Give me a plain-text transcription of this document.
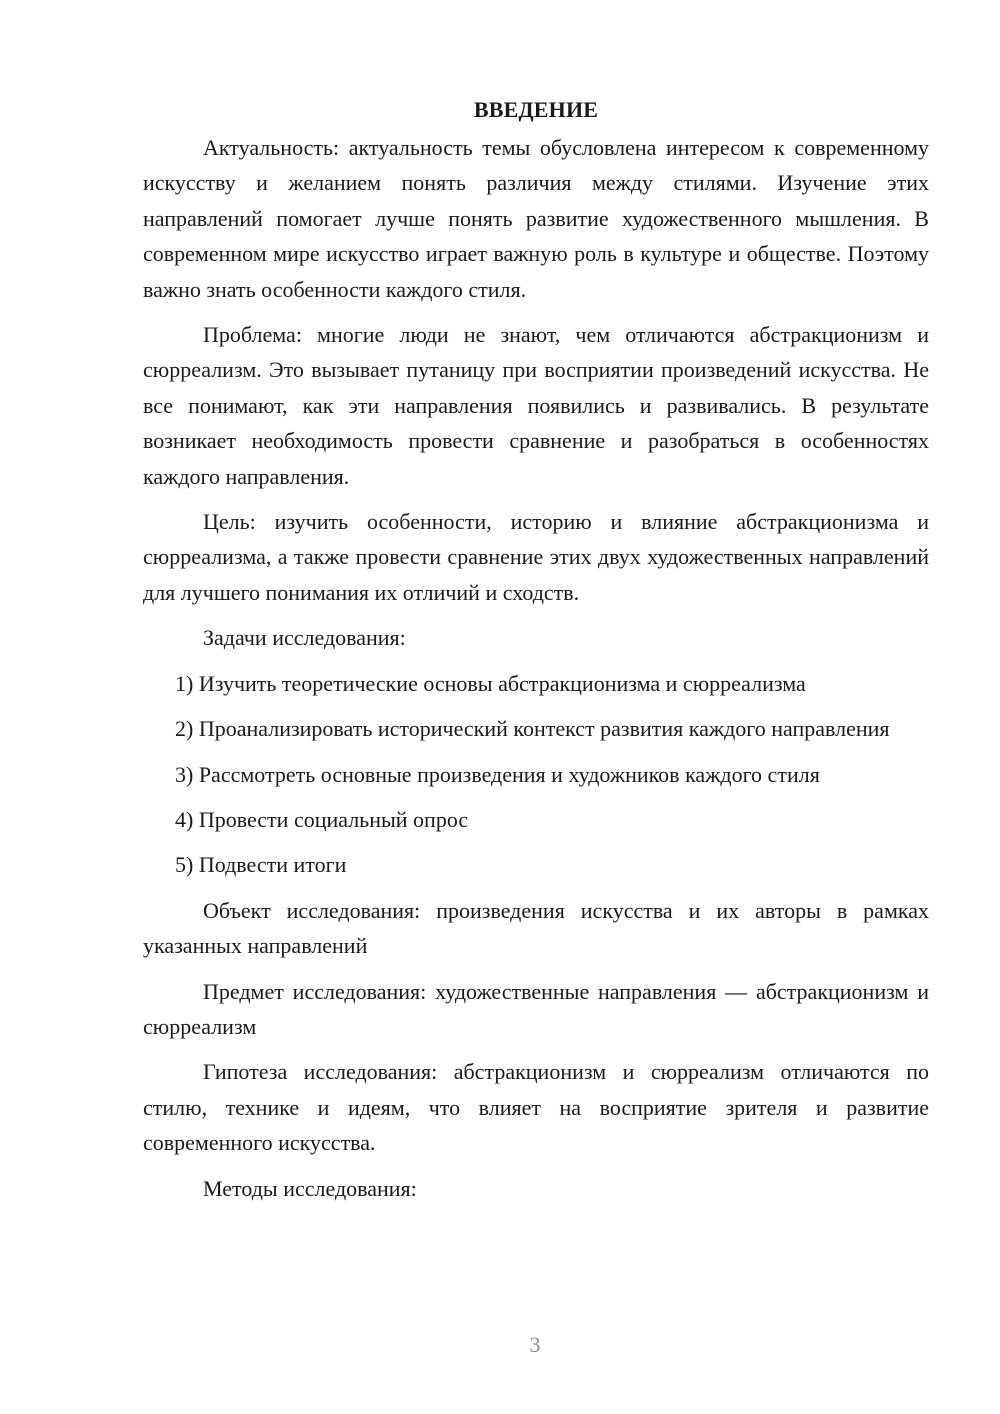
ВВЕДЕНИЕ

Актуальность: актуальность темы обусловлена интересом к современному искусству и желанием понять различия между стилями. Изучение этих направлений помогает лучше понять развитие художественного мышления. В современном мире искусство играет важную роль в культуре и обществе. Поэтому важно знать особенности каждого стиля.

Проблема: многие люди не знают, чем отличаются абстракционизм и сюрреализм. Это вызывает путаницу при восприятии произведений искусства. Не все понимают, как эти направления появились и развивались. В результате возникает необходимость провести сравнение и разобраться в особенностях каждого направления.

Цель: изучить особенности, историю и влияние абстракционизма и сюрреализма, а также провести сравнение этих двух художественных направлений для лучшего понимания их отличий и сходств.

Задачи исследования:

1) Изучить теоретические основы абстракционизма и сюрреализма

2) Проанализировать исторический контекст развития каждого направления

3) Рассмотреть основные произведения и художников каждого стиля

4) Провести социальный опрос

5) Подвести итоги

Объект исследования: произведения искусства и их авторы в рамках указанных направлений

Предмет исследования: художественные направления — абстракционизм и сюрреализм

Гипотеза исследования: абстракционизм и сюрреализм отличаются по стилю, технике и идеям, что влияет на восприятие зрителя и развитие современного искусства.

Методы исследования:

3
